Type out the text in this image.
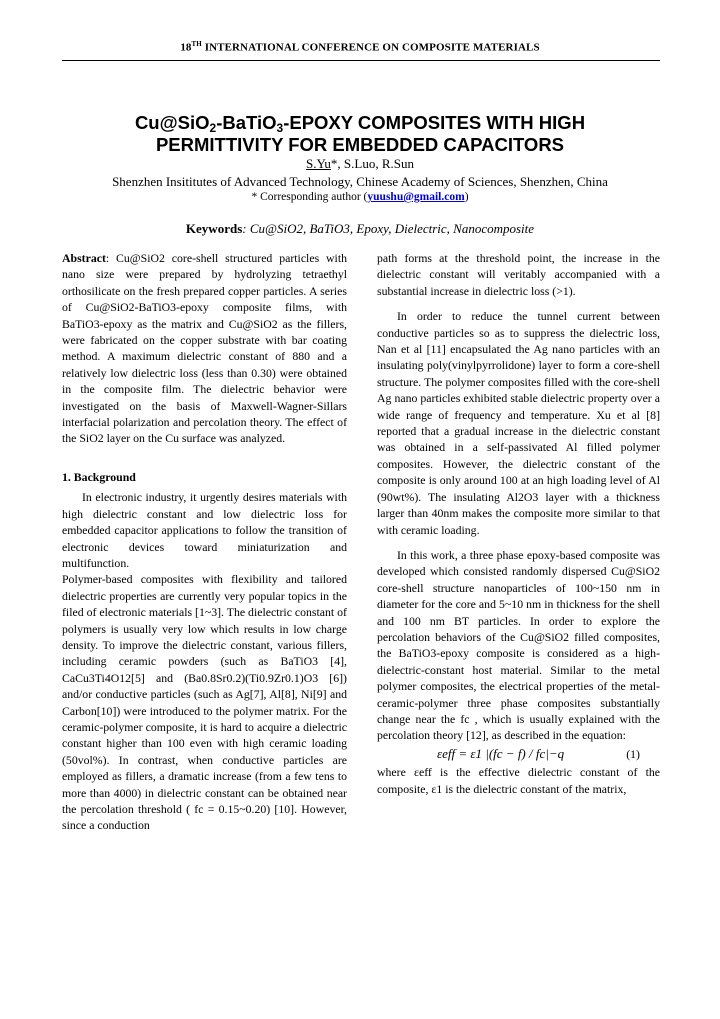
18TH INTERNATIONAL CONFERENCE ON COMPOSITE MATERIALS
Cu@SiO$_2$-BaTiO$_3$-EPOXY COMPOSITES WITH HIGH
PERMITTIVITY FOR EMBEDDED CAPACITORS
S.Yu*, S.Luo, R.Sun
Shenzhen Insititutes of Advanced Technology, Chinese Academy of Sciences, Shenzhen, China
* Corresponding author (yuushu@gmail.com)
Keywords: Cu@SiO2, BaTiO3, Epoxy, Dielectric, Nanocomposite

Abstract: Cu@SiO2 core-shell structured particles with nano size were prepared by hydrolyzing tetraethyl orthosilicate on the fresh prepared copper particles. A series of Cu@SiO2-BaTiO3-epoxy composite films, with BaTiO3-epoxy as the matrix and Cu@SiO2 as the fillers, were fabricated on the copper substrate with bar coating method. A maximum dielectric constant of 880 and a relatively low dielectric loss (less than 0.30) were obtained in the composite film. The dielectric behavior were investigated on the basis of Maxwell-Wagner-Sillars interfacial polarization and percolation theory. The effect of the SiO2 layer on the Cu surface was analyzed.

1. Background

In electronic industry, it urgently desires materials with high dielectric constant and low dielectric loss for embedded capacitor applications to follow the transition of electronic devices toward miniaturization and multifunction.

Polymer-based composites with flexibility and tailored dielectric properties are currently very popular topics in the filed of electronic materials [1~3]. The dielectric constant of polymers is usually very low which results in low charge density. To improve the dielectric constant, various fillers, including ceramic powders (such as BaTiO3 [4], CaCu3Ti4O12[5] and (Ba0.8Sr0.2)(Ti0.9Zr0.1)O3 [6]) and/or conductive particles (such as Ag[7], Al[8], Ni[9] and Carbon[10]) were introduced to the polymer matrix. For the ceramic-polymer composite, it is hard to acquire a dielectric constant higher than 100 even with high ceramic loading (50vol%). In contrast, when conductive particles are employed as fillers, a dramatic increase (from a few tens to more than 4000) in dielectric constant can be obtained near the percolation threshold ( fc = 0.15~0.20) [10]. However, since a conduction

path forms at the threshold point, the increase in the dielectric constant will veritably accompanied with a substantial increase in dielectric loss (>1).

In order to reduce the tunnel current between conductive particles so as to suppress the dielectric loss, Nan et al [11] encapsulated the Ag nano particles with an insulating poly(vinylpyrrolidone) layer to form a core-shell structure. The polymer composites filled with the core-shell Ag nano particles exhibited stable dielectric property over a wide range of frequency and temperature. Xu et al [8] reported that a gradual increase in the dielectric constant was obtained in a self-passivated Al filled polymer composites. However, the dielectric constant of the composite is only around 100 at an high loading level of Al (90wt%). The insulating Al2O3 layer with a thickness larger than 40nm makes the composite more similar to that with ceramic loading.

In this work, a three phase epoxy-based composite was developed which consisted randomly dispersed Cu@SiO2 core-shell structure nanoparticles of 100~150 nm in diameter for the core and 5~10 nm in thickness for the shell and 100 nm BT particles. In order to explore the percolation behaviors of the Cu@SiO2 filled composites, the BaTiO3-epoxy composite is considered as a high-dielectric-constant host material. Similar to the metal polymer composites, the electrical properties of the metal-ceramic-polymer three phase composites substantially change near the fc , which is usually explained with the percolation theory [12], as described in the equation:

εeff = ε1 |(fc − f) / fc|−q	(1)

where εeff is the effective dielectric constant of the composite, ε1 is the dielectric constant of the matrix,
